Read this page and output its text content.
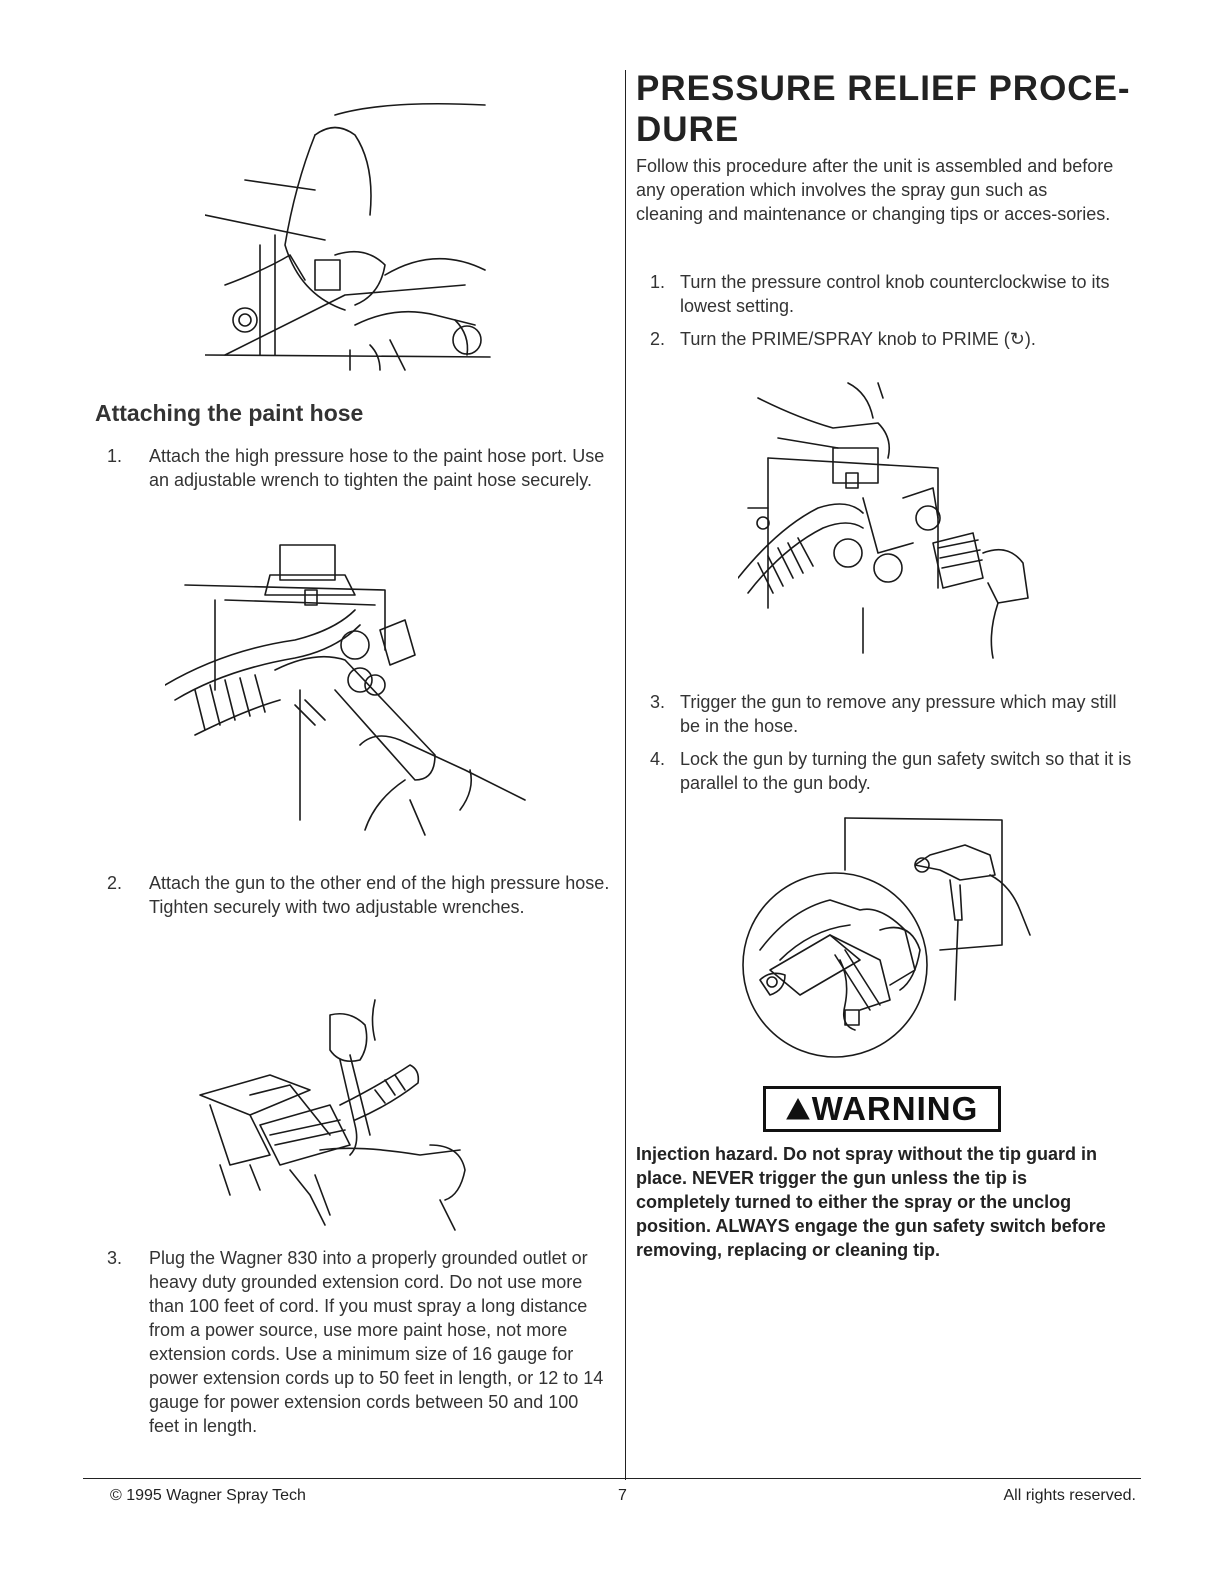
Attaching the paint hose
1. Attach the high pressure hose to the paint hose port. Use an adjustable wrench to tighten the paint hose securely.
2. Attach the gun to the other end of the high pressure hose. Tighten securely with two adjustable wrenches.
3. Plug the Wagner 830 into a properly grounded outlet or heavy duty grounded extension cord. Do not use more than 100 feet of cord. If you must spray a long distance from a power source, use more paint hose, not more extension cords. Use a minimum size of 16 gauge for power extension cords up to 50 feet in length, or 12 to 14 gauge for power extension cords between 50 and 100 feet in length.
PRESSURE RELIEF PROCE-DURE
Follow this procedure after the unit is assembled and before any operation which involves the spray gun such as cleaning and maintenance or changing tips or acces-sories.
1. Turn the pressure control knob counterclockwise to its lowest setting.
2. Turn the PRIME/SPRAY knob to PRIME (↻).
3. Trigger the gun to remove any pressure which may still be in the hose.
4. Lock the gun by turning the gun safety switch so that it is parallel to the gun body.
WARNING
Injection hazard. Do not spray without the tip guard in place. NEVER trigger the gun unless the tip is completely turned to either the spray or the unclog position. ALWAYS engage the gun safety switch before removing, replacing or cleaning tip.
© 1995 Wagner Spray Tech	7	All rights reserved.
